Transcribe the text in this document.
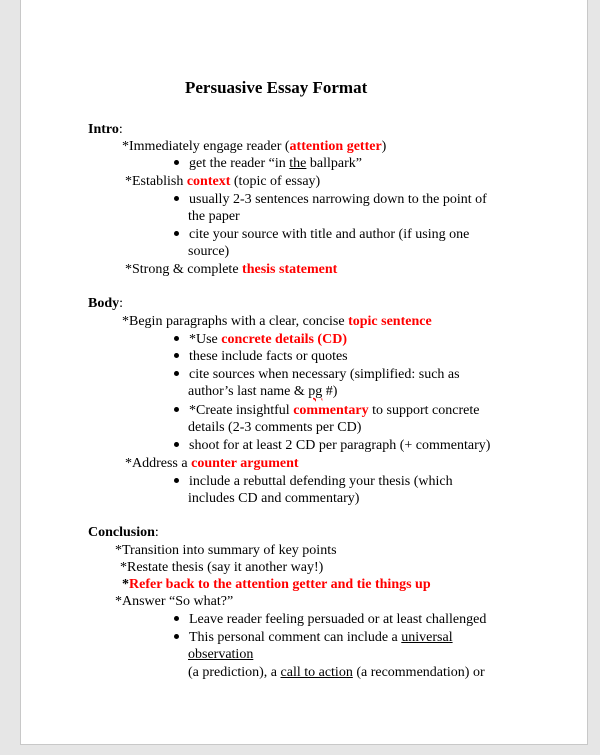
Persuasive Essay Format
Intro:
*Immediately engage reader (attention getter)
get the reader “in the ballpark”
*Establish context (topic of essay)
usually 2-3 sentences narrowing down to the point of
the paper
cite your source with title and author (if using one
source)
*Strong & complete thesis statement
Body:
*Begin paragraphs with a clear, concise topic sentence
*Use concrete details (CD)
these include facts or quotes
cite sources when necessary (simplified: such as
author’s last name & pg #)
*Create insightful commentary to support concrete
details (2-3 comments per CD)
shoot for at least 2 CD per paragraph (+ commentary)
*Address a counter argument
include a rebuttal defending your thesis (which
includes CD and commentary)
Conclusion:
*Transition into summary of key points
*Restate thesis (say it another way!)
*Refer back to the attention getter and tie things up
*Answer “So what?”
Leave reader feeling persuaded or at least challenged
This personal comment can include a universal
observation
(a prediction), a call to action (a recommendation) or
